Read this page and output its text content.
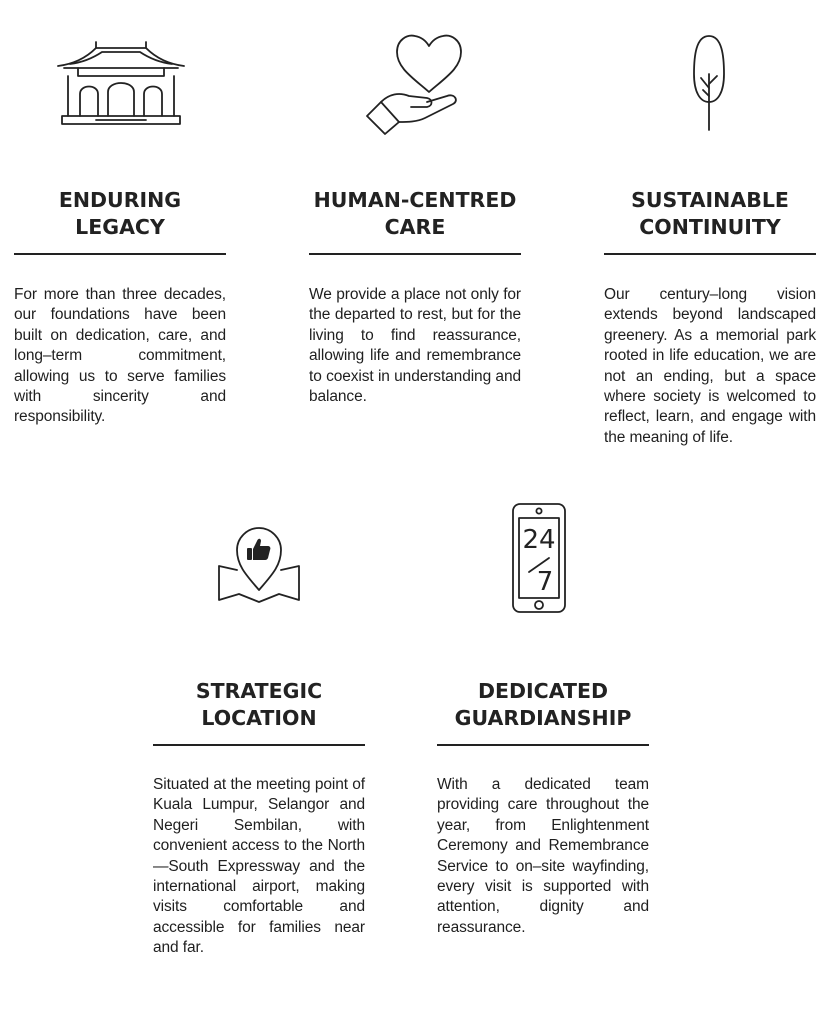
ENDURING
LEGACY
For more than three decades, our foundations have been built on dedication, care, and long–term commitment, allowing us to serve families with sincerity and responsibility.
HUMAN-CENTRED
CARE
We provide a place not only for the departed to rest, but for the living to find reassurance, allowing life and remembrance to coexist in understanding and balance.
SUSTAINABLE
CONTINUITY
Our century–long vision extends beyond landscaped greenery. As a memorial park rooted in life education, we are not an ending, but a space where society is welcomed to reflect, learn, and engage with the meaning of life.
STRATEGIC
LOCATION
Situated at the meeting point of Kuala Lumpur, Selangor and Negeri Sembilan, with convenient access to the North—South Expressway and the international airport, making visits comfortable and accessible for families near and far.
24
7
DEDICATED
GUARDIANSHIP
With a dedicated team providing care throughout the year, from Enlightenment Ceremony and Remembrance Service to on–site wayfinding, every visit is supported with attention, dignity and reassurance.
